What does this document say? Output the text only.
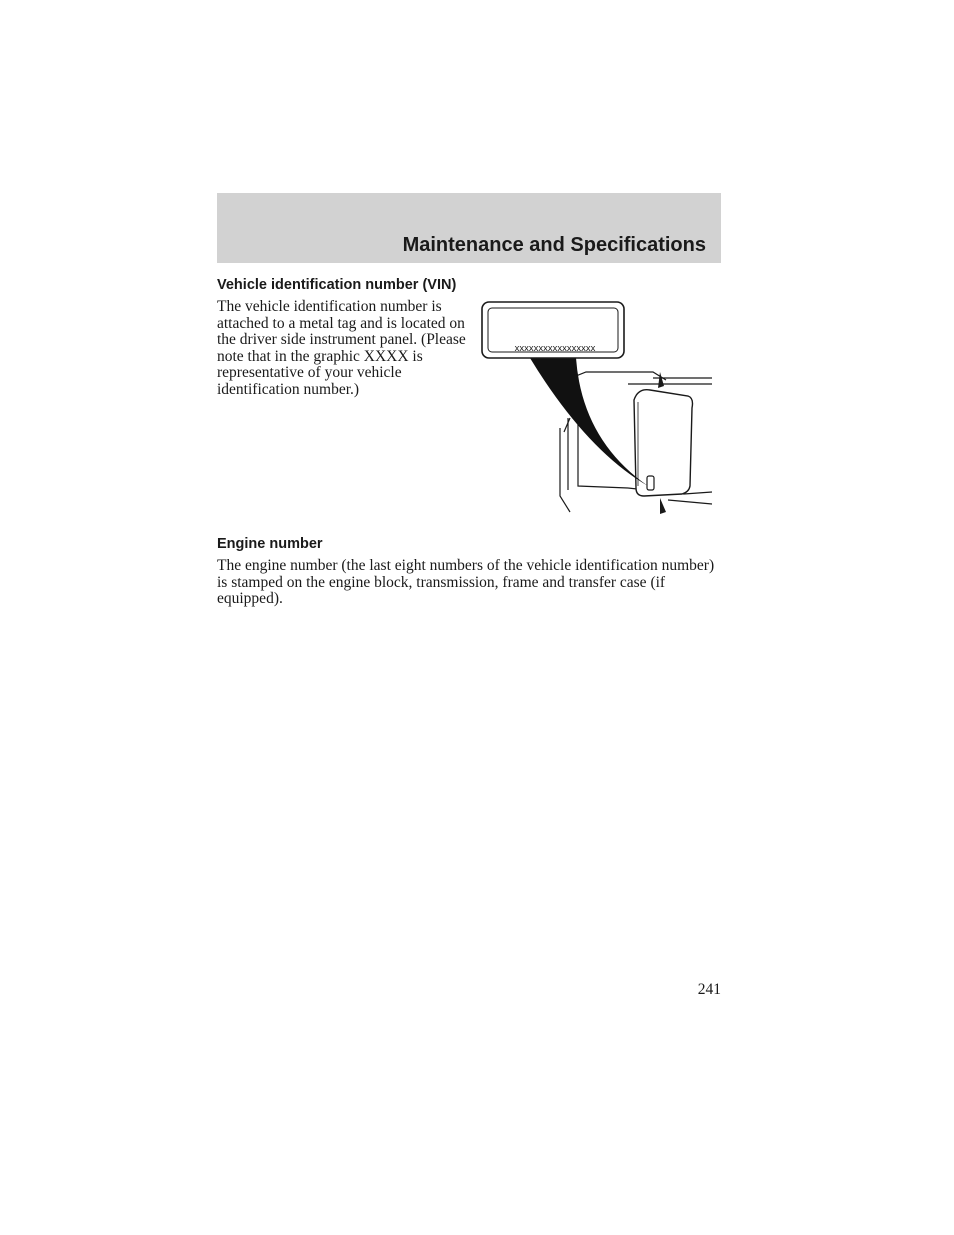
Maintenance and Specifications
Vehicle identification number (VIN)

The vehicle identification number is attached to a metal tag and is located on the driver side instrument panel. (Please note that in the graphic XXXX is representative of your vehicle identification number.)

xxxxxxxxxxxxxxxxx
Engine number

The engine number (the last eight numbers of the vehicle identification number) is stamped on the engine block, transmission, frame and transfer case (if equipped).

241
